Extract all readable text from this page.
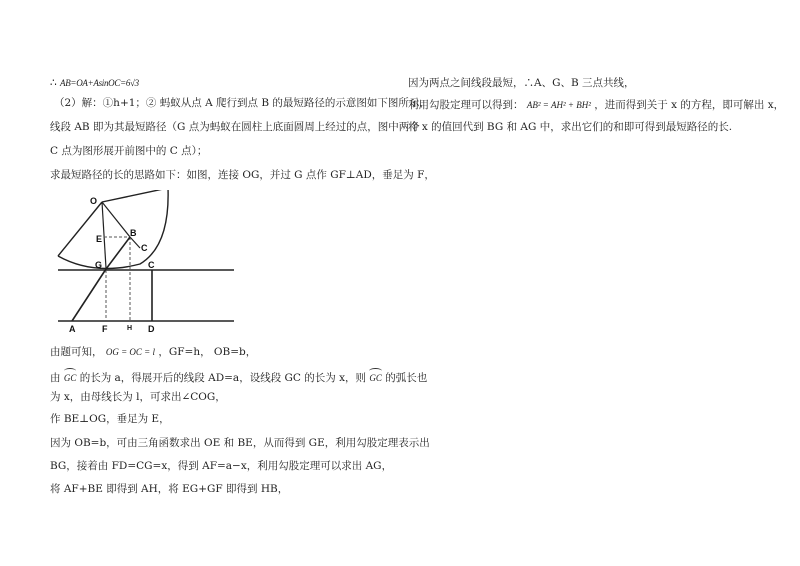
∴ AB=OA+AsinOC=6√3
（2）解：①h+1；② 蚂蚁从点 A 爬行到点 B 的最短路径的示意图如下图所示，
线段 AB 即为其最短路径（G 点为蚂蚁在圆柱上底面圆周上经过的点，图中两个
C 点为图形展开前图中的 C 点）；
求最短路径的长的思路如下：如图，连接 OG，并过 G 点作 GF⊥AD，垂足为 F，
O
E
B
C
G	C
A	F	H D
由题可知， OG = OC = l ，GF=h， OB=b，
由 GC 的长为 a，得展开后的线段 AD=a，设线段 GC 的长为 x，则 GC 的弧长也
为 x，由母线长为 l，可求出∠COG，
作 BE⊥OG，垂足为 E，
因为 OB=b，可由三角函数求出 OE 和 BE，从而得到 GE，利用勾股定理表示出
BG，接着由 FD=CG=x，得到 AF=a−x，利用勾股定理可以求出 AG，
将 AF+BE 即得到 AH，将 EG+GF 即得到 HB，
因为两点之间线段最短，∴A、G、B 三点共线，
利用勾股定理可以得到： AB² = AH² + BH² ，进而得到关于 x 的方程，即可解出 x，
将 x 的值回代到 BG 和 AG 中，求出它们的和即可得到最短路径的长.
